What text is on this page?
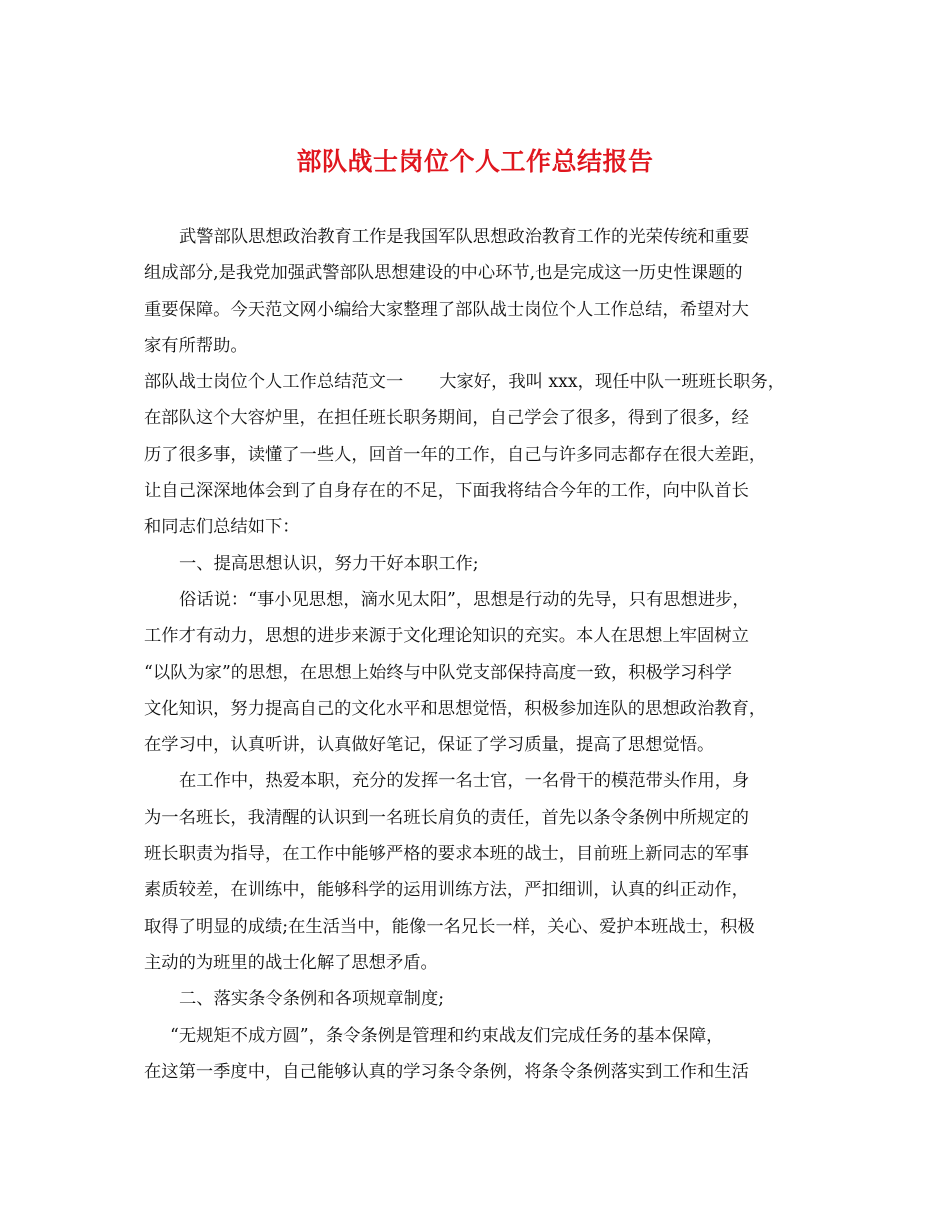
部队战士岗位个人工作总结报告
武警部队思想政治教育工作是我国军队思想政治教育工作的光荣传统和重要
组成部分,是我党加强武警部队思想建设的中心环节,也是完成这一历史性课题的
重要保障。今天范文网小编给大家整理了部队战士岗位个人工作总结，希望对大
家有所帮助。
部队战士岗位个人工作总结范文一 大家好，我叫 xxx，现任中队一班班长职务，
在部队这个大容炉里，在担任班长职务期间，自己学会了很多，得到了很多，经
历了很多事，读懂了一些人，回首一年的工作，自己与许多同志都存在很大差距，
让自己深深地体会到了自身存在的不足，下面我将结合今年的工作，向中队首长
和同志们总结如下：
一、提高思想认识，努力干好本职工作;
俗话说：“事小见思想，滴水见太阳”，思想是行动的先导，只有思想进步，
工作才有动力，思想的进步来源于文化理论知识的充实。本人在思想上牢固树立
“以队为家”的思想，在思想上始终与中队党支部保持高度一致，积极学习科学
文化知识，努力提高自己的文化水平和思想觉悟，积极参加连队的思想政治教育，
在学习中，认真听讲，认真做好笔记，保证了学习质量，提高了思想觉悟。
在工作中，热爱本职，充分的发挥一名士官，一名骨干的模范带头作用，身
为一名班长，我清醒的认识到一名班长肩负的责任，首先以条令条例中所规定的
班长职责为指导，在工作中能够严格的要求本班的战士，目前班上新同志的军事
素质较差，在训练中，能够科学的运用训练方法，严扣细训，认真的纠正动作，
取得了明显的成绩;在生活当中，能像一名兄长一样，关心、爱护本班战士，积极
主动的为班里的战士化解了思想矛盾。
二、落实条令条例和各项规章制度;
“无规矩不成方圆”，条令条例是管理和约束战友们完成任务的基本保障，
在这第一季度中，自己能够认真的学习条令条例，将条令条例落实到工作和生活
